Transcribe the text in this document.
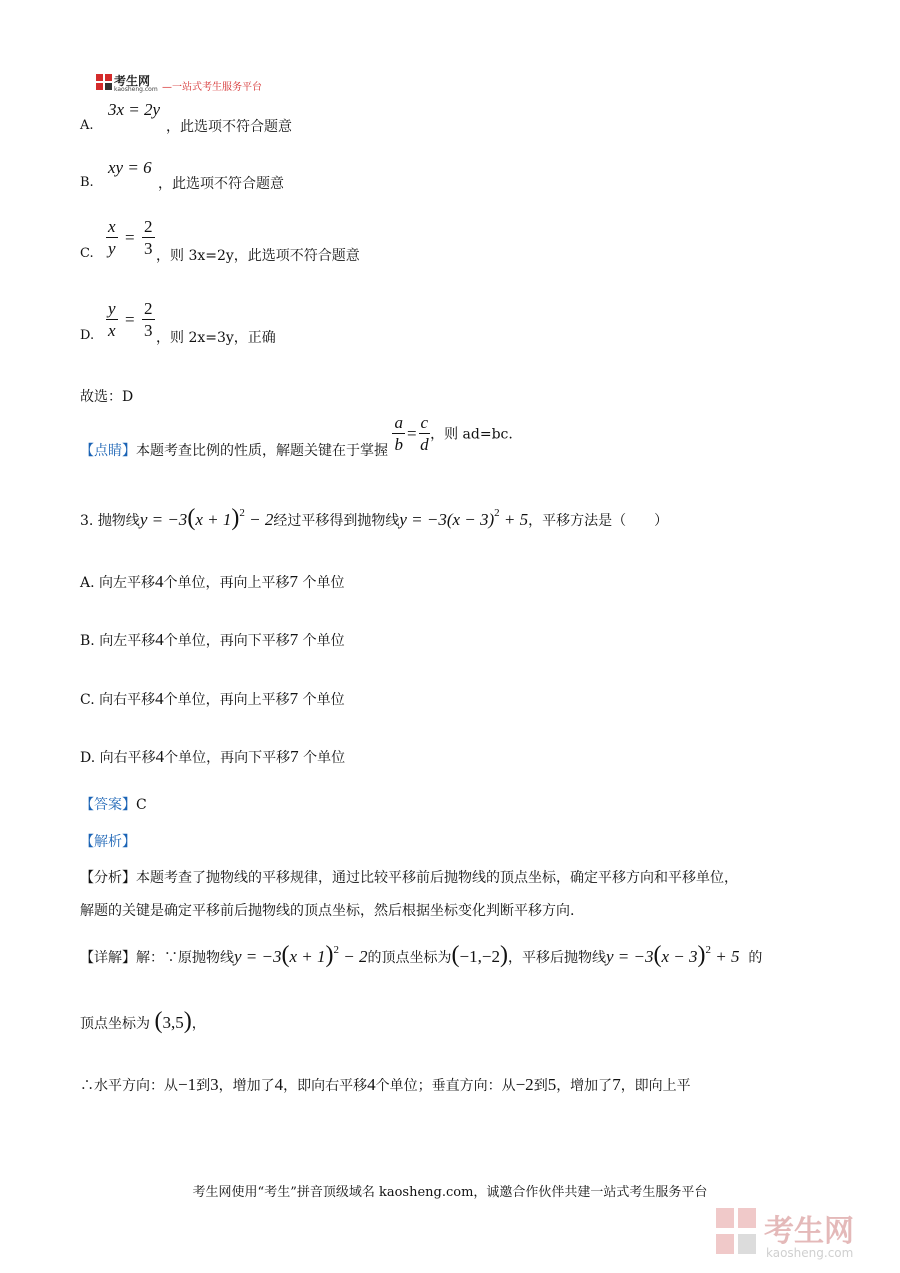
考生网
kaosheng.com —一站式考生服务平台
A.
3x = 2y
，此选项不符合题意
B.
xy = 6
，此选项不符合题意
C. $\frac{x}{y} = \frac{2}{3}$ ，则 3x=2y，此选项不符合题意
D. $\frac{y}{x} = \frac{2}{3}$ ，则 2x=3y，正确
故选：D
【点睛】本题考查比例的性质，解题关键在于掌握 $\frac{a}{b} = \frac{c}{d}$ ，则 ad=bc.
3. 抛物线$y = -3(x + 1)^2 - 2$经过平移得到抛物线$y = -3(x - 3)^2 + 5$，平移方法是（　　）
A. 向左平移4个单位，再向上平移7 个单位
B. 向左平移4个单位，再向下平移7 个单位
C. 向右平移4个单位，再向上平移7 个单位
D. 向右平移4个单位，再向下平移7 个单位
【答案】C
【解析】
【分析】本题考查了抛物线的平移规律，通过比较平移前后抛物线的顶点坐标，确定平移方向和平移单位，
解题的关键是确定平移前后抛物线的顶点坐标，然后根据坐标变化判断平移方向.
【详解】解：∵原抛物线$y = -3(x + 1)^2 - 2$的顶点坐标为(−1,−2)，平移后抛物线$y = -3(x - 3)^2 + 5$ 的
顶点坐标为 (3,5)，
∴水平方向：从−1到3，增加了4，即向右平移4个单位；垂直方向：从−2到5，增加了7，即向上平
考生网使用“考生”拼音顶级域名 kaosheng.com，诚邀合作伙伴共建一站式考生服务平台
考生网
kaosheng.com
